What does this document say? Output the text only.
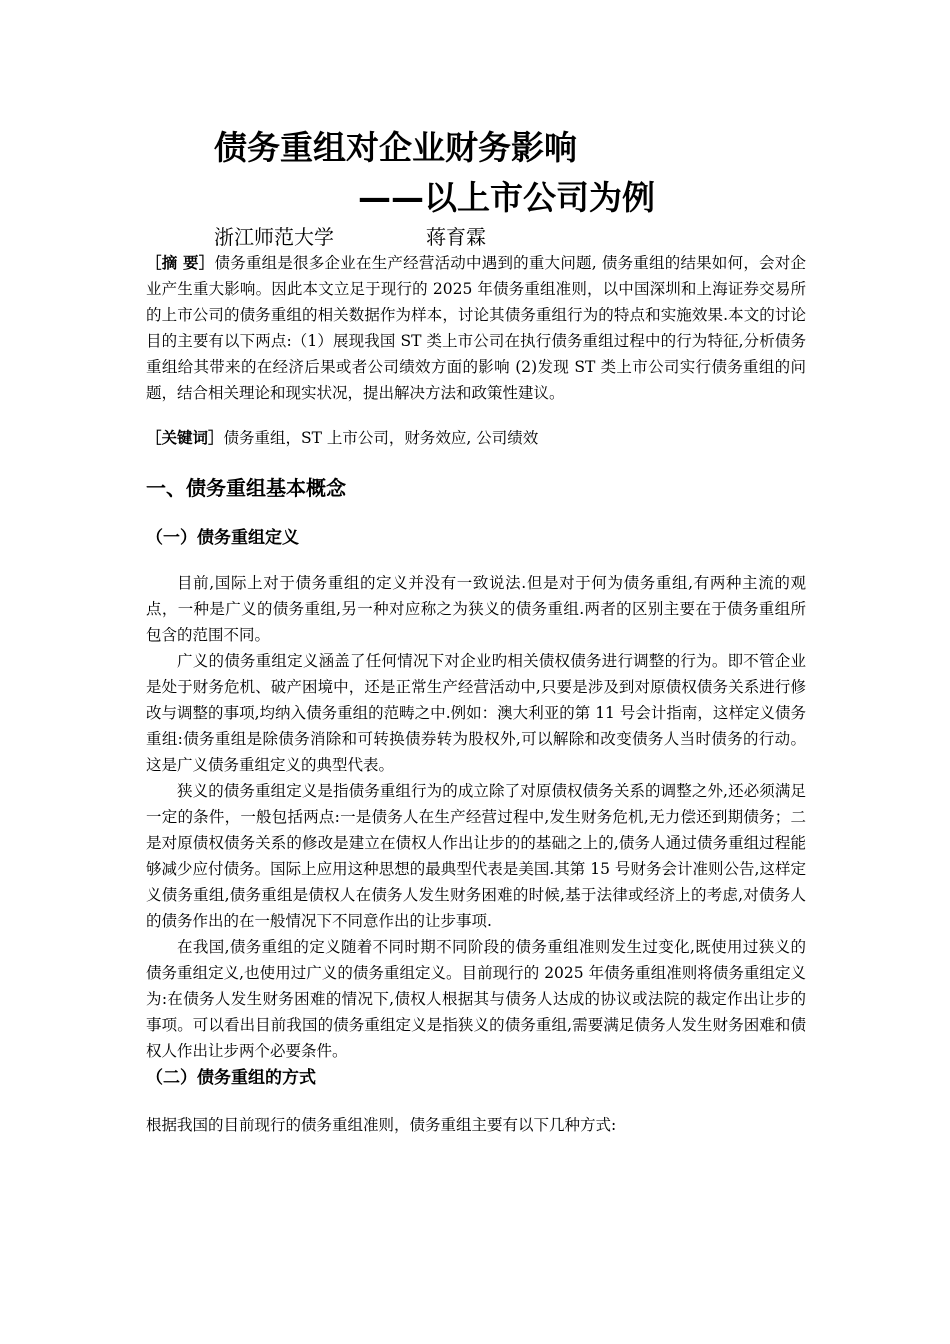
债务重组对企业财务影响
——以上市公司为例
浙江师范大学	蒋育霖
［摘 要］债务重组是很多企业在生产经营活动中遇到的重大问题, 债务重组的结果如何，会对企业产生重大影响。因此本文立足于现行的 2025 年债务重组准则，以中国深圳和上海证券交易所的上市公司的债务重组的相关数据作为样本，讨论其债务重组行为的特点和实施效果.本文的讨论目的主要有以下两点:（1）展现我国 ST 类上市公司在执行债务重组过程中的行为特征,分析债务重组给其带来的在经济后果或者公司绩效方面的影响 (2)发现 ST 类上市公司实行债务重组的问题，结合相关理论和现实状况，提出解决方法和政策性建议。
［关键词］债务重组，ST 上市公司，财务效应, 公司绩效
一、债务重组基本概念
（一）债务重组定义

目前,国际上对于债务重组的定义并没有一致说法.但是对于何为债务重组,有两种主流的观点，一种是广义的债务重组,另一种对应称之为狭义的债务重组.两者的区别主要在于债务重组所包含的范围不同。

广义的债务重组定义涵盖了任何情况下对企业旳相关债权债务进行调整的行为。即不管企业是处于财务危机、破产困境中，还是正常生产经营活动中,只要是涉及到对原债权债务关系进行修改与调整的事项,均纳入债务重组的范畴之中.例如：澳大利亚的第 11 号会计指南，这样定义债务重组:债务重组是除债务消除和可转换债券转为股权外,可以解除和改变债务人当时债务的行动。这是广义债务重组定义的典型代表。

狭义的债务重组定义是指债务重组行为的成立除了对原债权债务关系的调整之外,还必须满足一定的条件，一般包括两点:一是债务人在生产经营过程中,发生财务危机,无力偿还到期债务；二是对原债权债务关系的修改是建立在债权人作出让步的的基础之上的,债务人通过债务重组过程能够减少应付债务。国际上应用这种思想的最典型代表是美国.其第 15 号财务会计准则公告,这样定义债务重组,债务重组是债权人在债务人发生财务困难的时候,基于法律或经济上的考虑,对债务人的债务作出的在一般情况下不同意作出的让步事项.

在我国,债务重组的定义随着不同时期不同阶段的债务重组准则发生过变化,既使用过狭义的债务重组定义,也使用过广义的债务重组定义。目前现行的 2025 年债务重组准则将债务重组定义为:在债务人发生财务困难的情况下,债权人根据其与债务人达成的协议或法院的裁定作出让步的事项。可以看出目前我国的债务重组定义是指狭义的债务重组,需要满足债务人发生财务困难和债权人作出让步两个必要条件。

（二）债务重组的方式
根据我国的目前现行的债务重组准则，债务重组主要有以下几种方式:
